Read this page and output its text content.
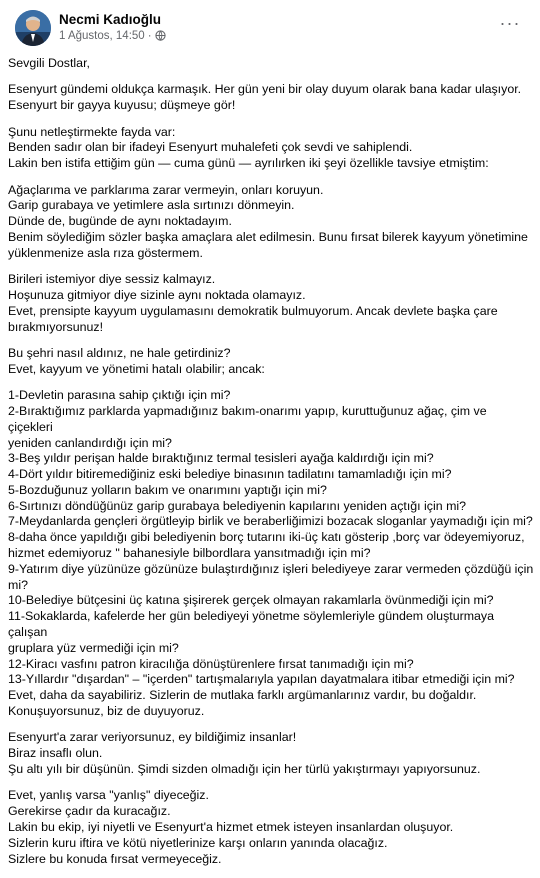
Necmi Kadıoğlu
1 Ağustos, 14:50 ·
···

Sevgili Dostlar,

Esenyurt gündemi oldukça karmaşık. Her gün yeni bir olay duyum olarak bana kadar ulaşıyor.
Esenyurt bir gayya kuyusu; düşmeye gör!

Şunu netleştirmekte fayda var:
Benden sadır olan bir ifadeyi Esenyurt muhalefeti çok sevdi ve sahiplendi.
Lakin ben istifa ettiğim gün — cuma günü — ayrılırken iki şeyi özellikle tavsiye etmiştim:

Ağaçlarıma ve parklarıma zarar vermeyin, onları koruyun.
Garip gurabaya ve yetimlere asla sırtınızı dönmeyin.
Dünde de, bugünde de aynı noktadayım.
Benim söylediğim sözler başka amaçlara alet edilmesin. Bunu fırsat bilerek kayyum yönetimine
yüklenmenize asla rıza göstermem.

Birileri istemiyor diye sessiz kalmayız.
Hoşunuza gitmiyor diye sizinle aynı noktada olamayız.
Evet, prensipte kayyum uygulamasını demokratik bulmuyorum. Ancak devlete başka çare
bırakmıyorsunuz!

Bu şehri nasıl aldınız, ne hale getirdiniz?
Evet, kayyum ve yönetimi hatalı olabilir; ancak:

1-Devletin parasına sahip çıktığı için mi?
2-Bıraktığımız parklarda yapmadığınız bakım-onarımı yapıp, kuruttuğunuz ağaç, çim ve çiçekleri
yeniden canlandırdığı için mi?
3-Beş yıldır perişan halde bıraktığınız termal tesisleri ayağa kaldırdığı için mi?
4-Dört yıldır bitiremediğiniz eski belediye binasının tadilatını tamamladığı için mi?
5-Bozduğunuz yolların bakım ve onarımını yaptığı için mi?
6-Sırtınızı döndüğünüz garip gurabaya belediyenin kapılarını yeniden açtığı için mi?
7-Meydanlarda gençleri örgütleyip birlik ve beraberliğimizi bozacak sloganlar yaymadığı için mi?
8-daha önce yapıldığı gibi belediyenin borç tutarını iki-üç katı gösterip ,borç var ödeyemiyoruz,
hizmet edemiyoruz " bahanesiyle bilbordlara yansıtmadığı için mi?
9-Yatırım diye yüzünüze gözünüze bulaştırdığınız işleri belediyeye zarar vermeden çözdüğü için mi?
10-Belediye bütçesini üç katına şişirerek gerçek olmayan rakamlarla övünmediği için mi?
11-Sokaklarda, kafelerde her gün belediyeyi yönetme söylemleriyle gündem oluşturmaya çalışan
gruplara yüz vermediği için mi?
12-Kiracı vasfını patron kiracılığa dönüştürenlere fırsat tanımadığı için mi?
13-Yıllardır "dışardan" – "içerden" tartışmalarıyla yapılan dayatmalara itibar etmediği için mi?
Evet, daha da sayabiliriz. Sizlerin de mutlaka farklı argümanlarınız vardır, bu doğaldır.
Konuşuyorsunuz, biz de duyuyoruz.

Esenyurt'a zarar veriyorsunuz, ey bildiğimiz insanlar!
Biraz insaflı olun.
Şu altı yılı bir düşünün. Şimdi sizden olmadığı için her türlü yakıştırmayı yapıyorsunuz.

Evet, yanlış varsa "yanlış" diyeceğiz.
Gerekirse çadır da kuracağız.
Lakin bu ekip, iyi niyetli ve Esenyurt'a hizmet etmek isteyen insanlardan oluşuyor.
Sizlerin kuru iftira ve kötü niyetlerinize karşı onların yanında olacağız.
Sizlere bu konuda fırsat vermeyeceğiz.
